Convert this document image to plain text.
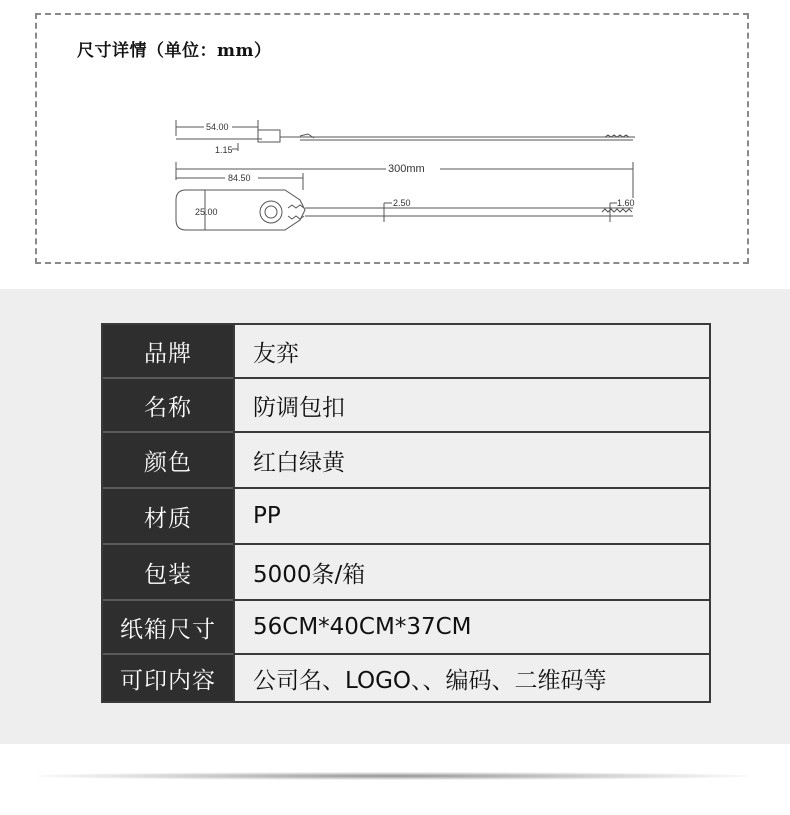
尺寸详情（单位：mm）
54.00
1.15
300mm
84.50
25.00
2.50	1.60
品牌	友弈
名称	防调包扣
颜色	红白绿黄
材质	PP
包装	5000条/箱
纸箱尺寸	56CM*40CM*37CM
可印内容	公司名、LOGO、、编码、二维码等
